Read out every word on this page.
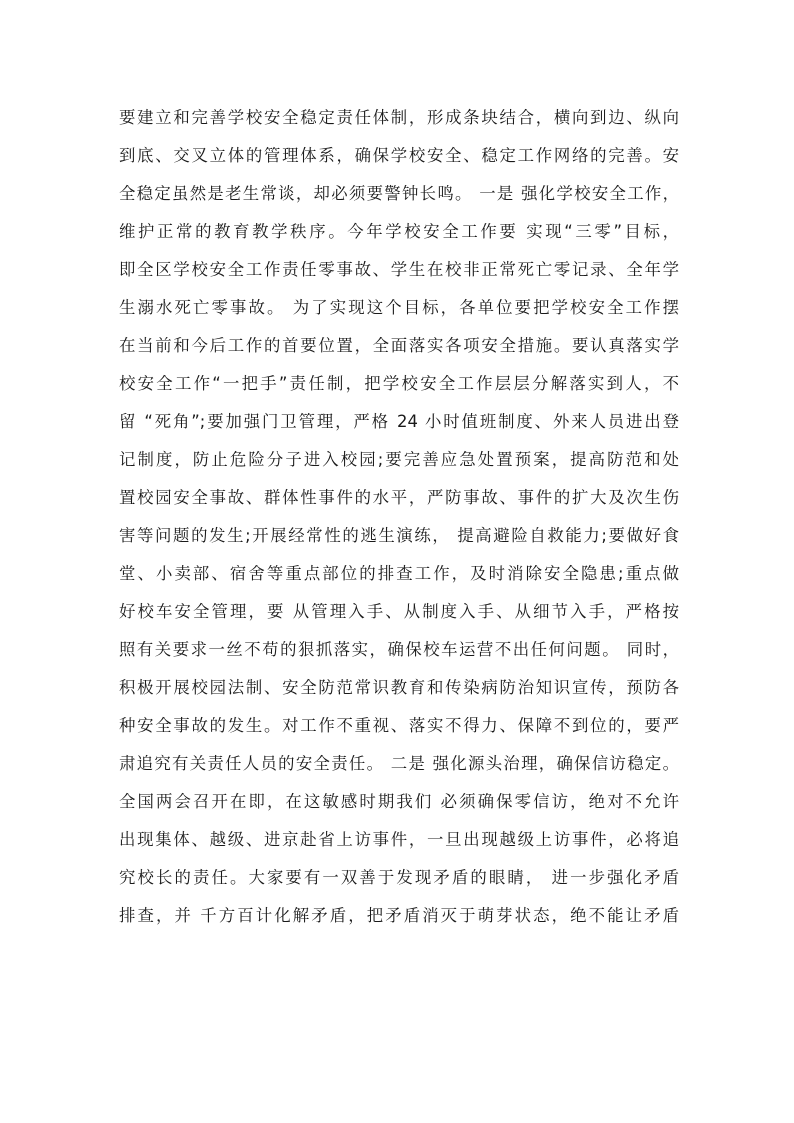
要建立和完善学校安全稳定责任体制，形成条块结合，横向到边、纵向
到底、交叉立体的管理体系，确保学校安全、稳定工作网络的完善。安
全稳定虽然是老生常谈，却必须要警钟长鸣。 一是 强化学校安全工作，
维护正常的教育教学秩序。今年学校安全工作要 实现“三零”目标，
即全区学校安全工作责任零事故、学生在校非正常死亡零记录、全年学
生溺水死亡零事故。 为了实现这个目标，各单位要把学校安全工作摆
在当前和今后工作的首要位置，全面落实各项安全措施。要认真落实学
校安全工作“一把手”责任制，把学校安全工作层层分解落实到人，不
留 “死角”;要加强门卫管理，严格 24 小时值班制度、外来人员进出登
记制度，防止危险分子进入校园;要完善应急处置预案，提高防范和处
置校园安全事故、群体性事件的水平，严防事故、事件的扩大及次生伤
害等问题的发生;开展经常性的逃生演练， 提高避险自救能力;要做好食
堂、小卖部、宿舍等重点部位的排查工作，及时消除安全隐患;重点做
好校车安全管理，要 从管理入手、从制度入手、从细节入手，严格按
照有关要求一丝不苟的狠抓落实，确保校车运营不出任何问题。 同时，
积极开展校园法制、安全防范常识教育和传染病防治知识宣传，预防各
种安全事故的发生。对工作不重视、落实不得力、保障不到位的，要严
肃追究有关责任人员的安全责任。 二是 强化源头治理，确保信访稳定。
全国两会召开在即，在这敏感时期我们 必须确保零信访，绝对不允许
出现集体、越级、进京赴省上访事件，一旦出现越级上访事件，必将追
究校长的责任。大家要有一双善于发现矛盾的眼睛， 进一步强化矛盾
排查，并 千方百计化解矛盾，把矛盾消灭于萌芽状态，绝不能让矛盾
